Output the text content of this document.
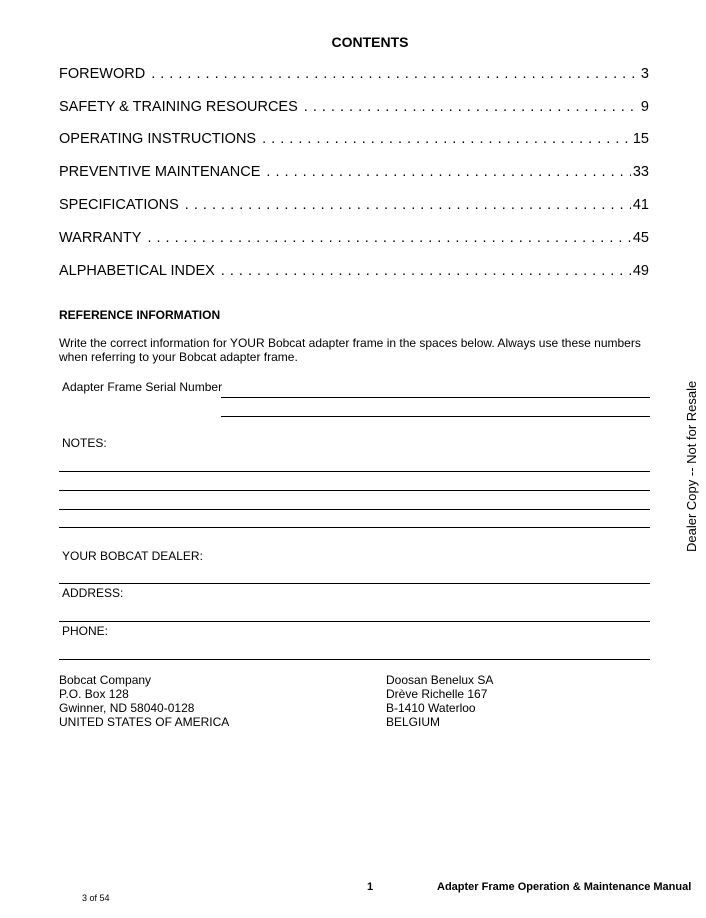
CONTENTS
FOREWORD . . .	3
SAFETY & TRAINING RESOURCES . . .	9
OPERATING INSTRUCTIONS . . .	15
PREVENTIVE MAINTENANCE . . .	33
SPECIFICATIONS . . .	41
WARRANTY . . .	45
ALPHABETICAL INDEX . . .	49
REFERENCE INFORMATION
Write the correct information for YOUR Bobcat adapter frame in the spaces below. Always use these numbers when referring to your Bobcat adapter frame.
Adapter Frame Serial Number
NOTES:
YOUR BOBCAT DEALER:
ADDRESS:
PHONE:
Bobcat Company
P.O. Box 128
Gwinner, ND 58040-0128
UNITED STATES OF AMERICA
Doosan Benelux SA
Drève Richelle 167
B-1410 Waterloo
BELGIUM
Dealer Copy -- Not for Resale
1	Adapter Frame Operation & Maintenance Manual
3 of 54
